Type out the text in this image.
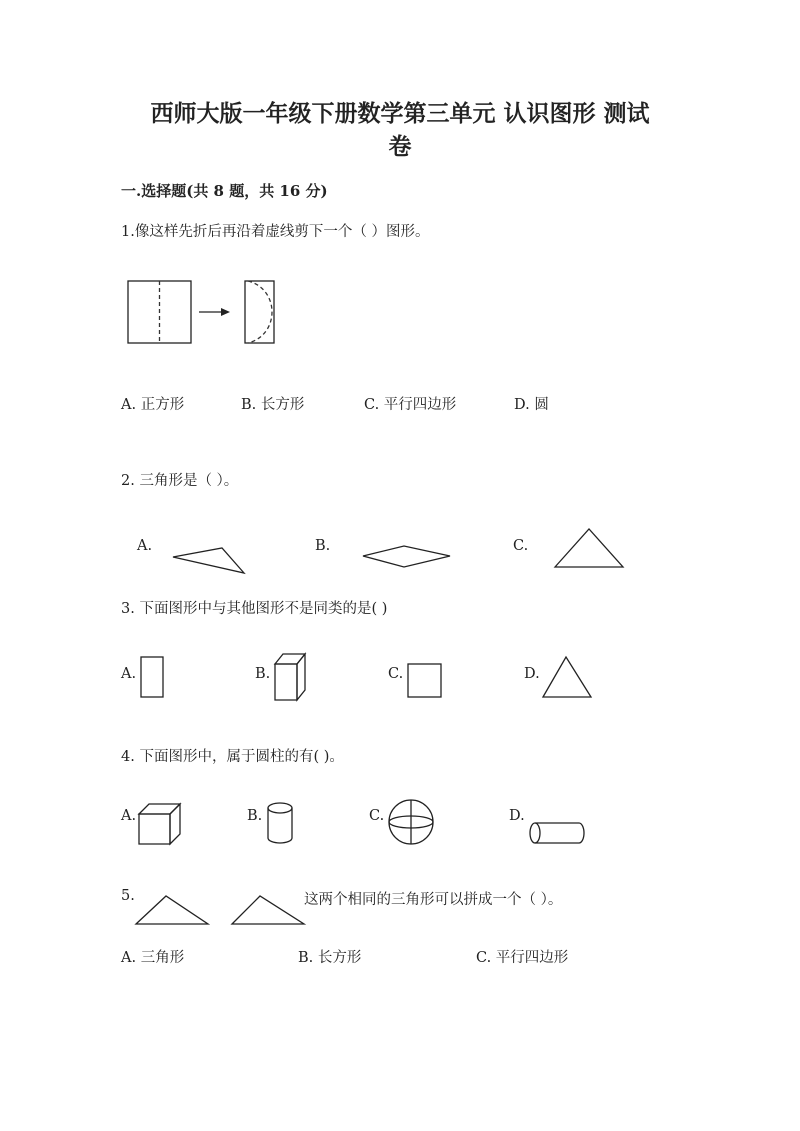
西师大版一年级下册数学第三单元 认识图形 测试
卷
一.选择题(共 8 题，共 16 分)
1.像这样先折后再沿着虚线剪下一个（ ）图形。
A. 正方形	B. 长方形	C. 平行四边形	D. 圆
2. 三角形是（ ）。
A.	B.	C.
3. 下面图形中与其他图形不是同类的是( )
A.	B.	C.	D.
4. 下面图形中，属于圆柱的有( )。
A.	B.	C.	D.
5.	这两个相同的三角形可以拼成一个（ ）。
A. 三角形	B. 长方形	C. 平行四边形
